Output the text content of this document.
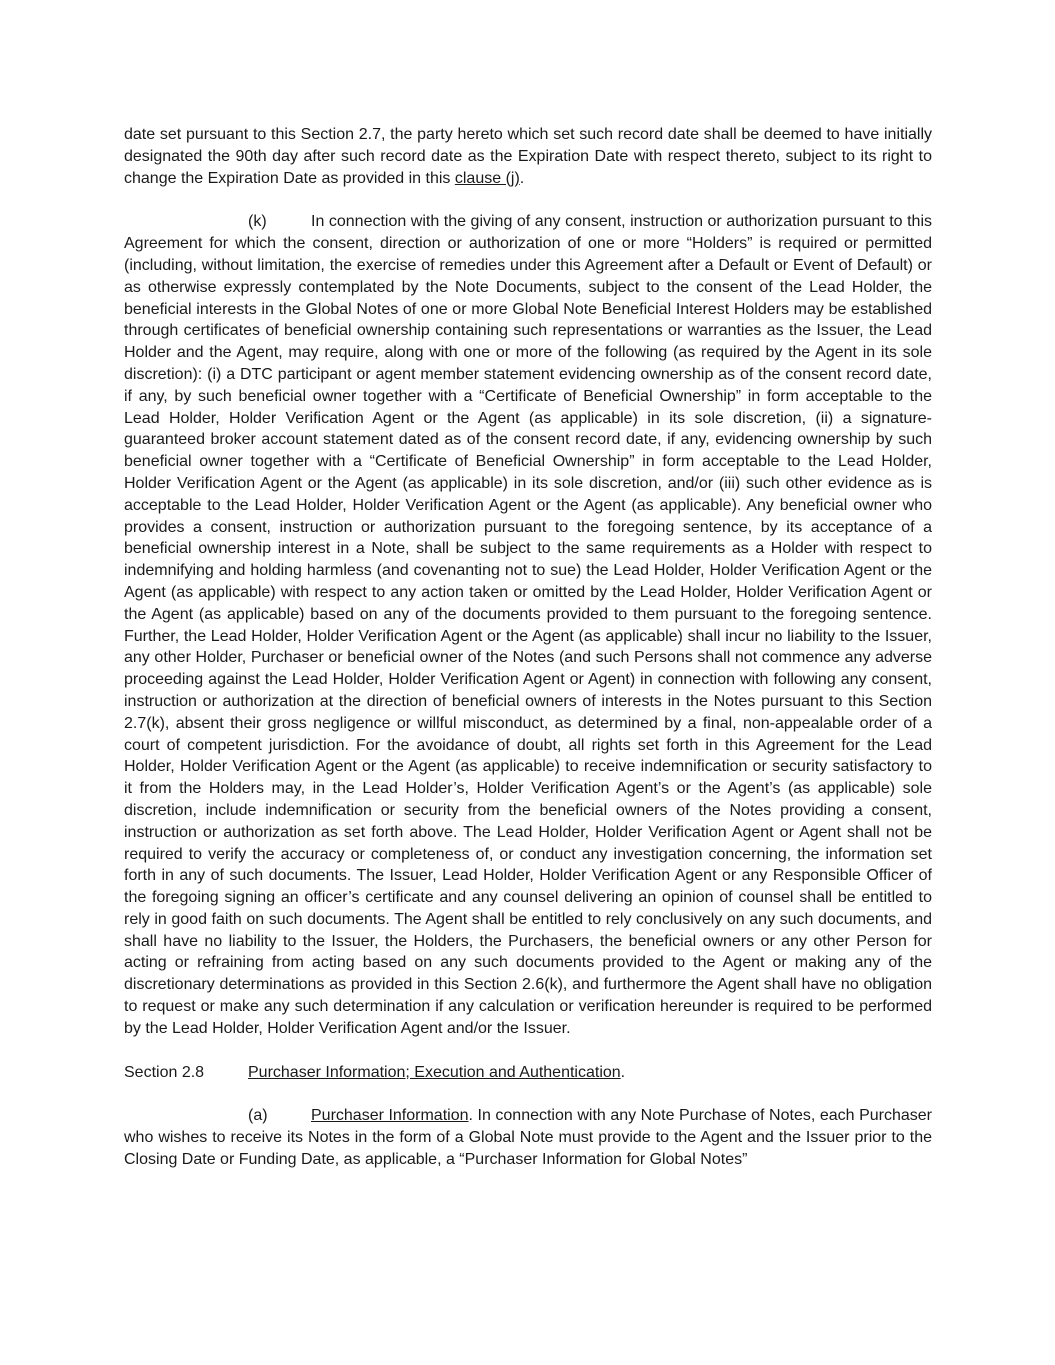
date set pursuant to this Section 2.7, the party hereto which set such record date shall be deemed to have initially designated the 90th day after such record date as the Expiration Date with respect thereto, subject to its right to change the Expiration Date as provided in this clause (j).

(k)	In connection with the giving of any consent, instruction or authorization pursuant to this Agreement for which the consent, direction or authorization of one or more “Holders” is required or permitted (including, without limitation, the exercise of remedies under this Agreement after a Default or Event of Default) or as otherwise expressly contemplated by the Note Documents, subject to the consent of the Lead Holder, the beneficial interests in the Global Notes of one or more Global Note Beneficial Interest Holders may be established through certificates of beneficial ownership containing such representations or warranties as the Issuer, the Lead Holder and the Agent, may require, along with one or more of the following (as required by the Agent in its sole discretion): (i) a DTC participant or agent member statement evidencing ownership as of the consent record date, if any, by such beneficial owner together with a “Certificate of Beneficial Ownership” in form acceptable to the Lead Holder, Holder Verification Agent or the Agent (as applicable) in its sole discretion, (ii) a signature-guaranteed broker account statement dated as of the consent record date, if any, evidencing ownership by such beneficial owner together with a “Certificate of Beneficial Ownership” in form acceptable to the Lead Holder, Holder Verification Agent or the Agent (as applicable) in its sole discretion, and/or (iii) such other evidence as is acceptable to the Lead Holder, Holder Verification Agent or the Agent (as applicable). Any beneficial owner who provides a consent, instruction or authorization pursuant to the foregoing sentence, by its acceptance of a beneficial ownership interest in a Note, shall be subject to the same requirements as a Holder with respect to indemnifying and holding harmless (and covenanting not to sue) the Lead Holder, Holder Verification Agent or the Agent (as applicable) with respect to any action taken or omitted by the Lead Holder, Holder Verification Agent or the Agent (as applicable) based on any of the documents provided to them pursuant to the foregoing sentence. Further, the Lead Holder, Holder Verification Agent or the Agent (as applicable) shall incur no liability to the Issuer, any other Holder, Purchaser or beneficial owner of the Notes (and such Persons shall not commence any adverse proceeding against the Lead Holder, Holder Verification Agent or Agent) in connection with following any consent, instruction or authorization at the direction of beneficial owners of interests in the Notes pursuant to this Section 2.7(k), absent their gross negligence or willful misconduct, as determined by a final, non-appealable order of a court of competent jurisdiction. For the avoidance of doubt, all rights set forth in this Agreement for the Lead Holder, Holder Verification Agent or the Agent (as applicable) to receive indemnification or security satisfactory to it from the Holders may, in the Lead Holder’s, Holder Verification Agent’s or the Agent’s (as applicable) sole discretion, include indemnification or security from the beneficial owners of the Notes providing a consent, instruction or authorization as set forth above. The Lead Holder, Holder Verification Agent or Agent shall not be required to verify the accuracy or completeness of, or conduct any investigation concerning, the information set forth in any of such documents. The Issuer, Lead Holder, Holder Verification Agent or any Responsible Officer of the foregoing signing an officer’s certificate and any counsel delivering an opinion of counsel shall be entitled to rely in good faith on such documents. The Agent shall be entitled to rely conclusively on any such documents, and shall have no liability to the Issuer, the Holders, the Purchasers, the beneficial owners or any other Person for acting or refraining from acting based on any such documents provided to the Agent or making any of the discretionary determinations as provided in this Section 2.6(k), and furthermore the Agent shall have no obligation to request or make any such determination if any calculation or verification hereunder is required to be performed by the Lead Holder, Holder Verification Agent and/or the Issuer.

Section 2.8	Purchaser Information; Execution and Authentication.

(a)	Purchaser Information. In connection with any Note Purchase of Notes, each Purchaser who wishes to receive its Notes in the form of a Global Note must provide to the Agent and the Issuer prior to the Closing Date or Funding Date, as applicable, a “Purchaser Information for Global Notes”
